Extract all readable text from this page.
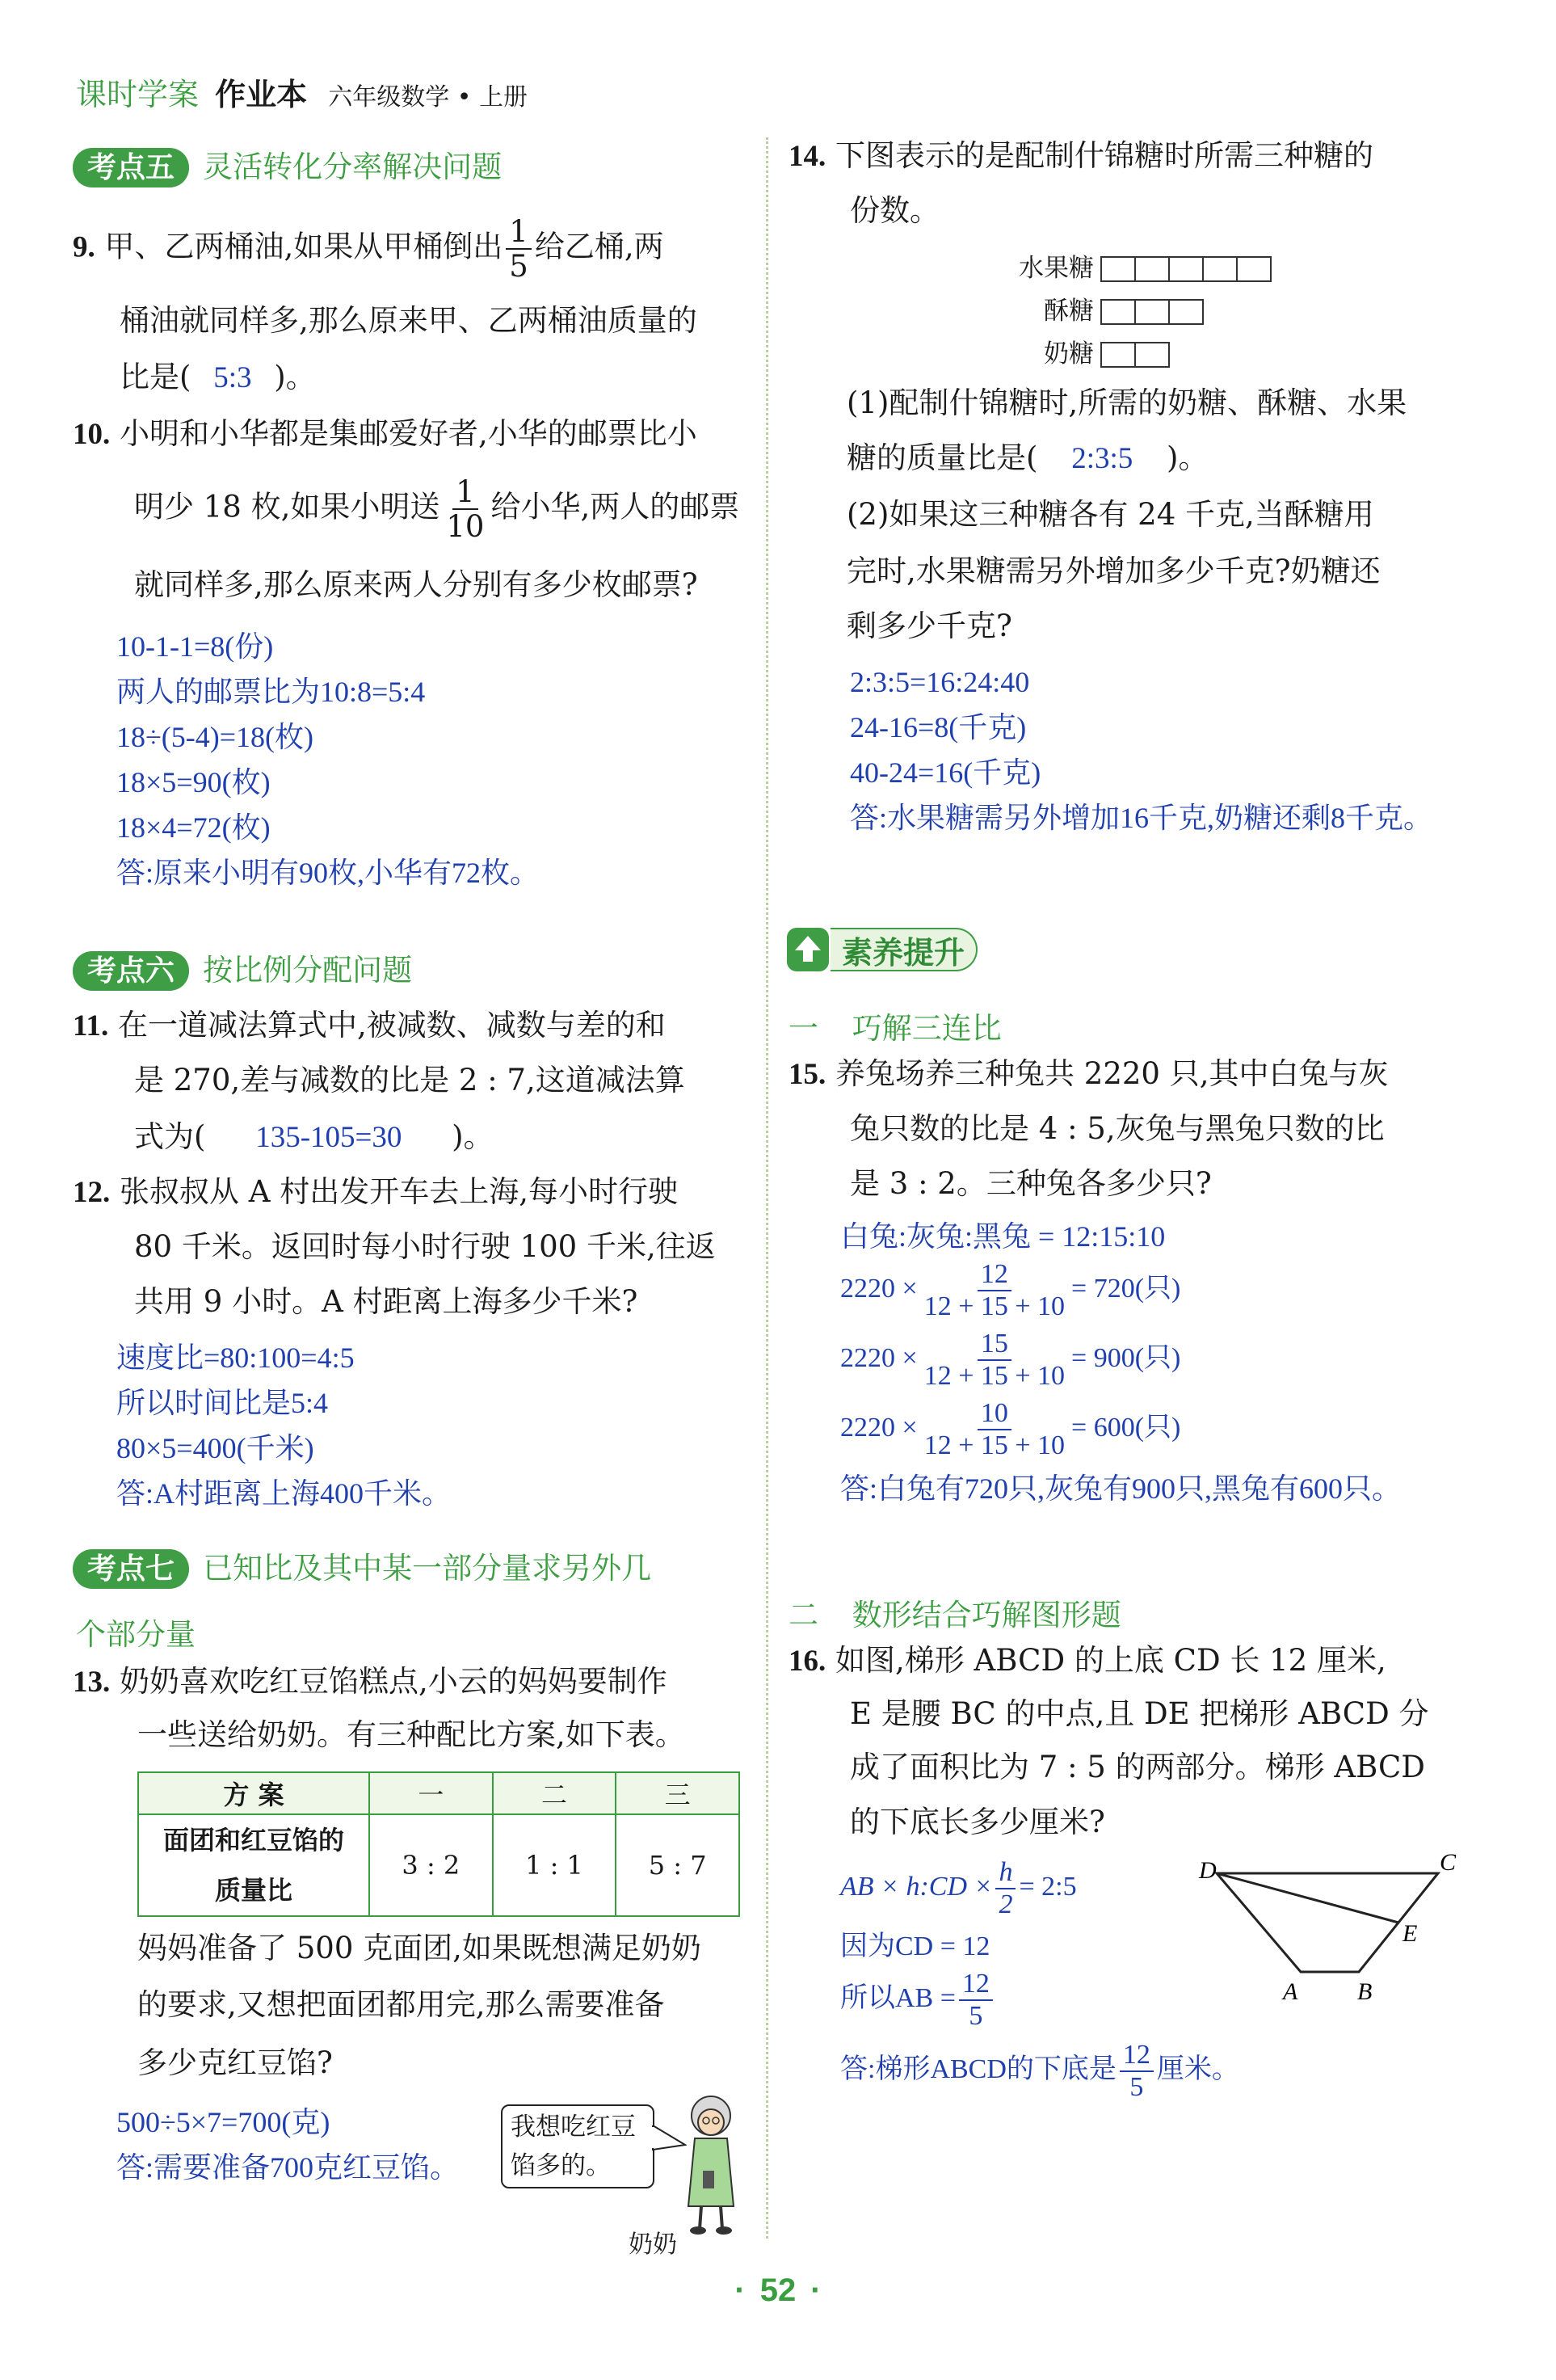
课时学案 作业本 六年级数学 • 上册
考点五 灵活转化分率解决问题
9. 甲、乙两桶油,如果从甲桶倒出 $\frac{1}{5}$ 给乙桶,两
桶油就同样多,那么原来甲、乙两桶油质量的
比是( 5:3 )。
10. 小明和小华都是集邮爱好者,小华的邮票比小
明少 18 枚,如果小明送 $\frac{1}{10}$ 给小华,两人的邮票
就同样多,那么原来两人分别有多少枚邮票?
10-1-1=8(份)
两人的邮票比为10:8=5:4
18÷(5-4)=18(枚)
18×5=90(枚)
18×4=72(枚)
答:原来小明有90枚,小华有72枚。
考点六 按比例分配问题
11. 在一道减法算式中,被减数、减数与差的和
是 270,差与减数的比是 2 : 7,这道减法算
式为( 135-105=30 )。
12. 张叔叔从 A 村出发开车去上海,每小时行驶
80 千米。返回时每小时行驶 100 千米,往返
共用 9 小时。A 村距离上海多少千米?
速度比=80:100=4:5
所以时间比是5:4
80×5=400(千米)
答:A村距离上海400千米。
考点七 已知比及其中某一部分量求另外几
个部分量
13. 奶奶喜欢吃红豆馅糕点,小云的妈妈要制作
一些送给奶奶。有三种配比方案,如下表。
方 案	一	二	三

面团和红豆馅的
质量比	3 : 2	1 : 1	5 : 7
妈妈准备了 500 克面团,如果既想满足奶奶
的要求,又想把面团都用完,那么需要准备
多少克红豆馅?
500÷5×7=700(克)
答:需要准备700克红豆馅。
我想吃红豆
馅多的。
奶奶
14. 下图表示的是配制什锦糖时所需三种糖的
份数。
水果糖
酥糖
奶糖
(1)配制什锦糖时,所需的奶糖、酥糖、水果
糖的质量比是( 2:3:5 )。
(2)如果这三种糖各有 24 千克,当酥糖用
完时,水果糖需另外增加多少千克?奶糖还
剩多少千克?
2:3:5=16:24:40
24-16=8(千克)
40-24=16(千克)
答:水果糖需另外增加16千克,奶糖还剩8千克。
素养提升
一 巧解三连比
15. 养兔场养三种兔共 2220 只,其中白兔与灰
兔只数的比是 4 : 5,灰兔与黑兔只数的比
是 3 : 2。三种兔各多少只?
白兔:灰兔:黑兔 = 12:15:10
$2220 \times \frac{12}{12 + 15 + 10} = 720$(只)
$2220 \times \frac{15}{12 + 15 + 10} = 900$(只)
$2220 \times \frac{10}{12 + 15 + 10} = 600$(只)
答:白兔有720只,灰兔有900只,黑兔有600只。
二 数形结合巧解图形题
16. 如图,梯形 ABCD 的上底 CD 长 12 厘米,
E 是腰 BC 的中点,且 DE 把梯形 ABCD 分
成了面积比为 7 : 5 的两部分。梯形 ABCD
的下底长多少厘米?
AB × h:CD × $\frac{h}{2}$ = 2:5
因为CD = 12
所以AB = $\frac{12}{5}$
答:梯形ABCD的下底是 $\frac{12}{5}$ 厘米。
D	C
E
A B
· 52 ·
